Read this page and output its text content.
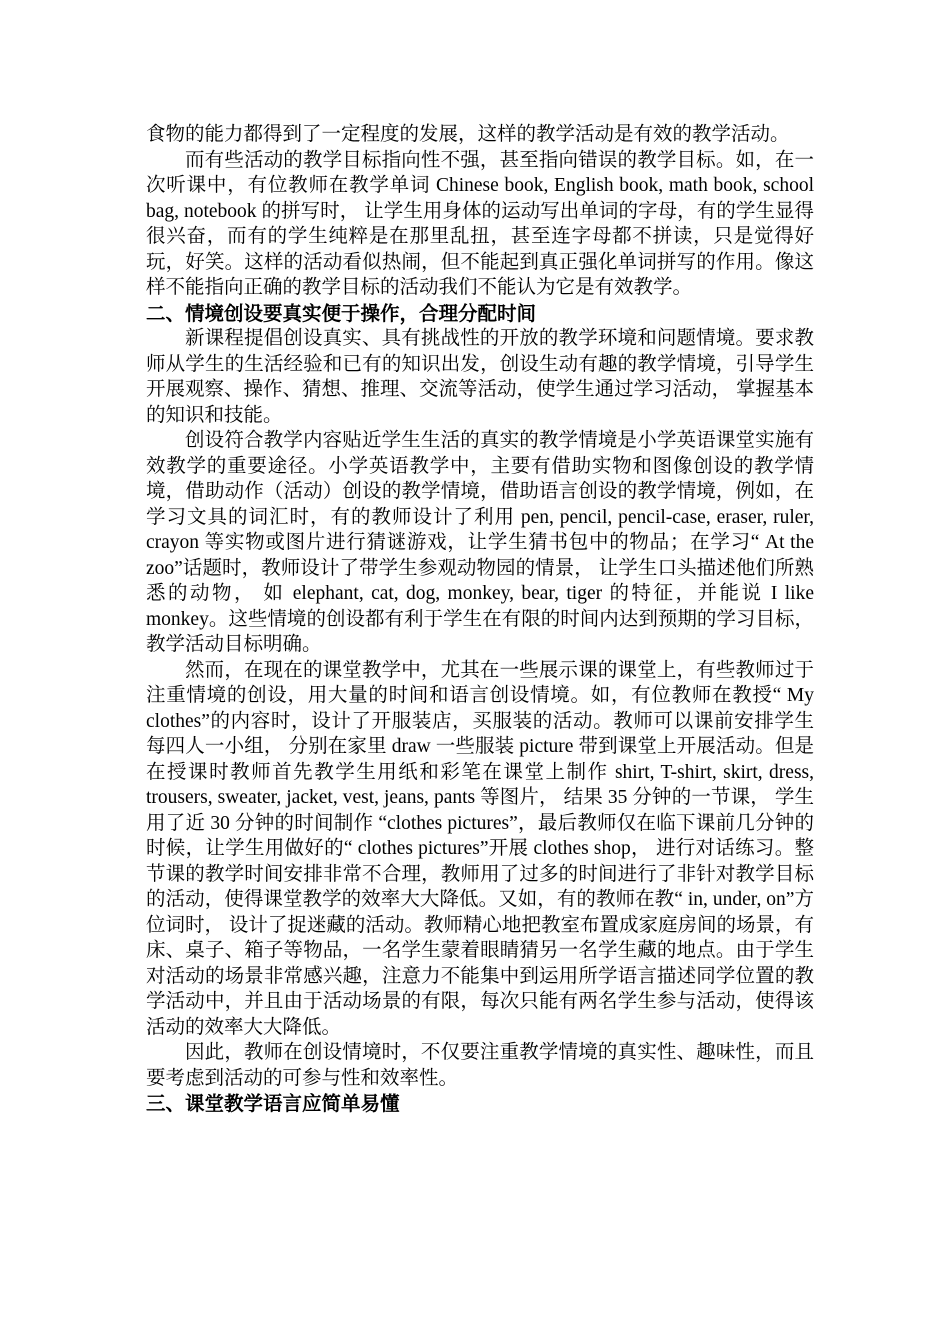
食物的能力都得到了一定程度的发展，这样的教学活动是有效的教学活动。

而有些活动的教学目标指向性不强，甚至指向错误的教学目标。如，在一次听课中，有位教师在教学单词 Chinese book, English book, math book, school bag, notebook 的拼写时， 让学生用身体的运动写出单词的字母，有的学生显得很兴奋，而有的学生纯粹是在那里乱扭，甚至连字母都不拼读，只是觉得好玩，好笑。这样的活动看似热闹，但不能起到真正强化单词拼写的作用。像这样不能指向正确的教学目标的活动我们不能认为它是有效教学。

二、情境创设要真实便于操作，合理分配时间

新课程提倡创设真实、具有挑战性的开放的教学环境和问题情境。要求教师从学生的生活经验和已有的知识出发，创设生动有趣的教学情境，引导学生开展观察、操作、猜想、推理、交流等活动，使学生通过学习活动， 掌握基本的知识和技能。

创设符合教学内容贴近学生生活的真实的教学情境是小学英语课堂实施有效教学的重要途径。小学英语教学中，主要有借助实物和图像创设的教学情境，借助动作（活动）创设的教学情境，借助语言创设的教学情境，例如，在学习文具的词汇时，有的教师设计了利用 pen, pencil, pencil-case, eraser, ruler, crayon 等实物或图片进行猜谜游戏，让学生猜书包中的物品；在学习“ At the zoo”话题时，教师设计了带学生参观动物园的情景， 让学生口头描述他们所熟悉的动物， 如 elephant, cat, dog, monkey, bear, tiger 的特征，并能说 I like monkey。这些情境的创设都有利于学生在有限的时间内达到预期的学习目标，教学活动目标明确。

然而，在现在的课堂教学中，尤其在一些展示课的课堂上，有些教师过于注重情境的创设，用大量的时间和语言创设情境。如，有位教师在教授“ My clothes”的内容时，设计了开服装店，买服装的活动。教师可以课前安排学生每四人一小组， 分别在家里 draw 一些服装 picture 带到课堂上开展活动。但是在授课时教师首先教学生用纸和彩笔在课堂上制作 shirt, T-shirt, skirt, dress, trousers, sweater, jacket, vest, jeans, pants 等图片， 结果 35 分钟的一节课， 学生用了近 30 分钟的时间制作 “clothes pictures”，最后教师仅在临下课前几分钟的时候，让学生用做好的“ clothes pictures”开展 clothes shop， 进行对话练习。整节课的教学时间安排非常不合理，教师用了过多的时间进行了非针对教学目标的活动，使得课堂教学的效率大大降低。又如，有的教师在教“ in, under, on”方位词时， 设计了捉迷藏的活动。教师精心地把教室布置成家庭房间的场景，有床、桌子、箱子等物品，一名学生蒙着眼睛猜另一名学生藏的地点。由于学生对活动的场景非常感兴趣，注意力不能集中到运用所学语言描述同学位置的教学活动中，并且由于活动场景的有限，每次只能有两名学生参与活动，使得该活动的效率大大降低。

因此，教师在创设情境时，不仅要注重教学情境的真实性、趣味性，而且要考虑到活动的可参与性和效率性。

三、课堂教学语言应简单易懂
